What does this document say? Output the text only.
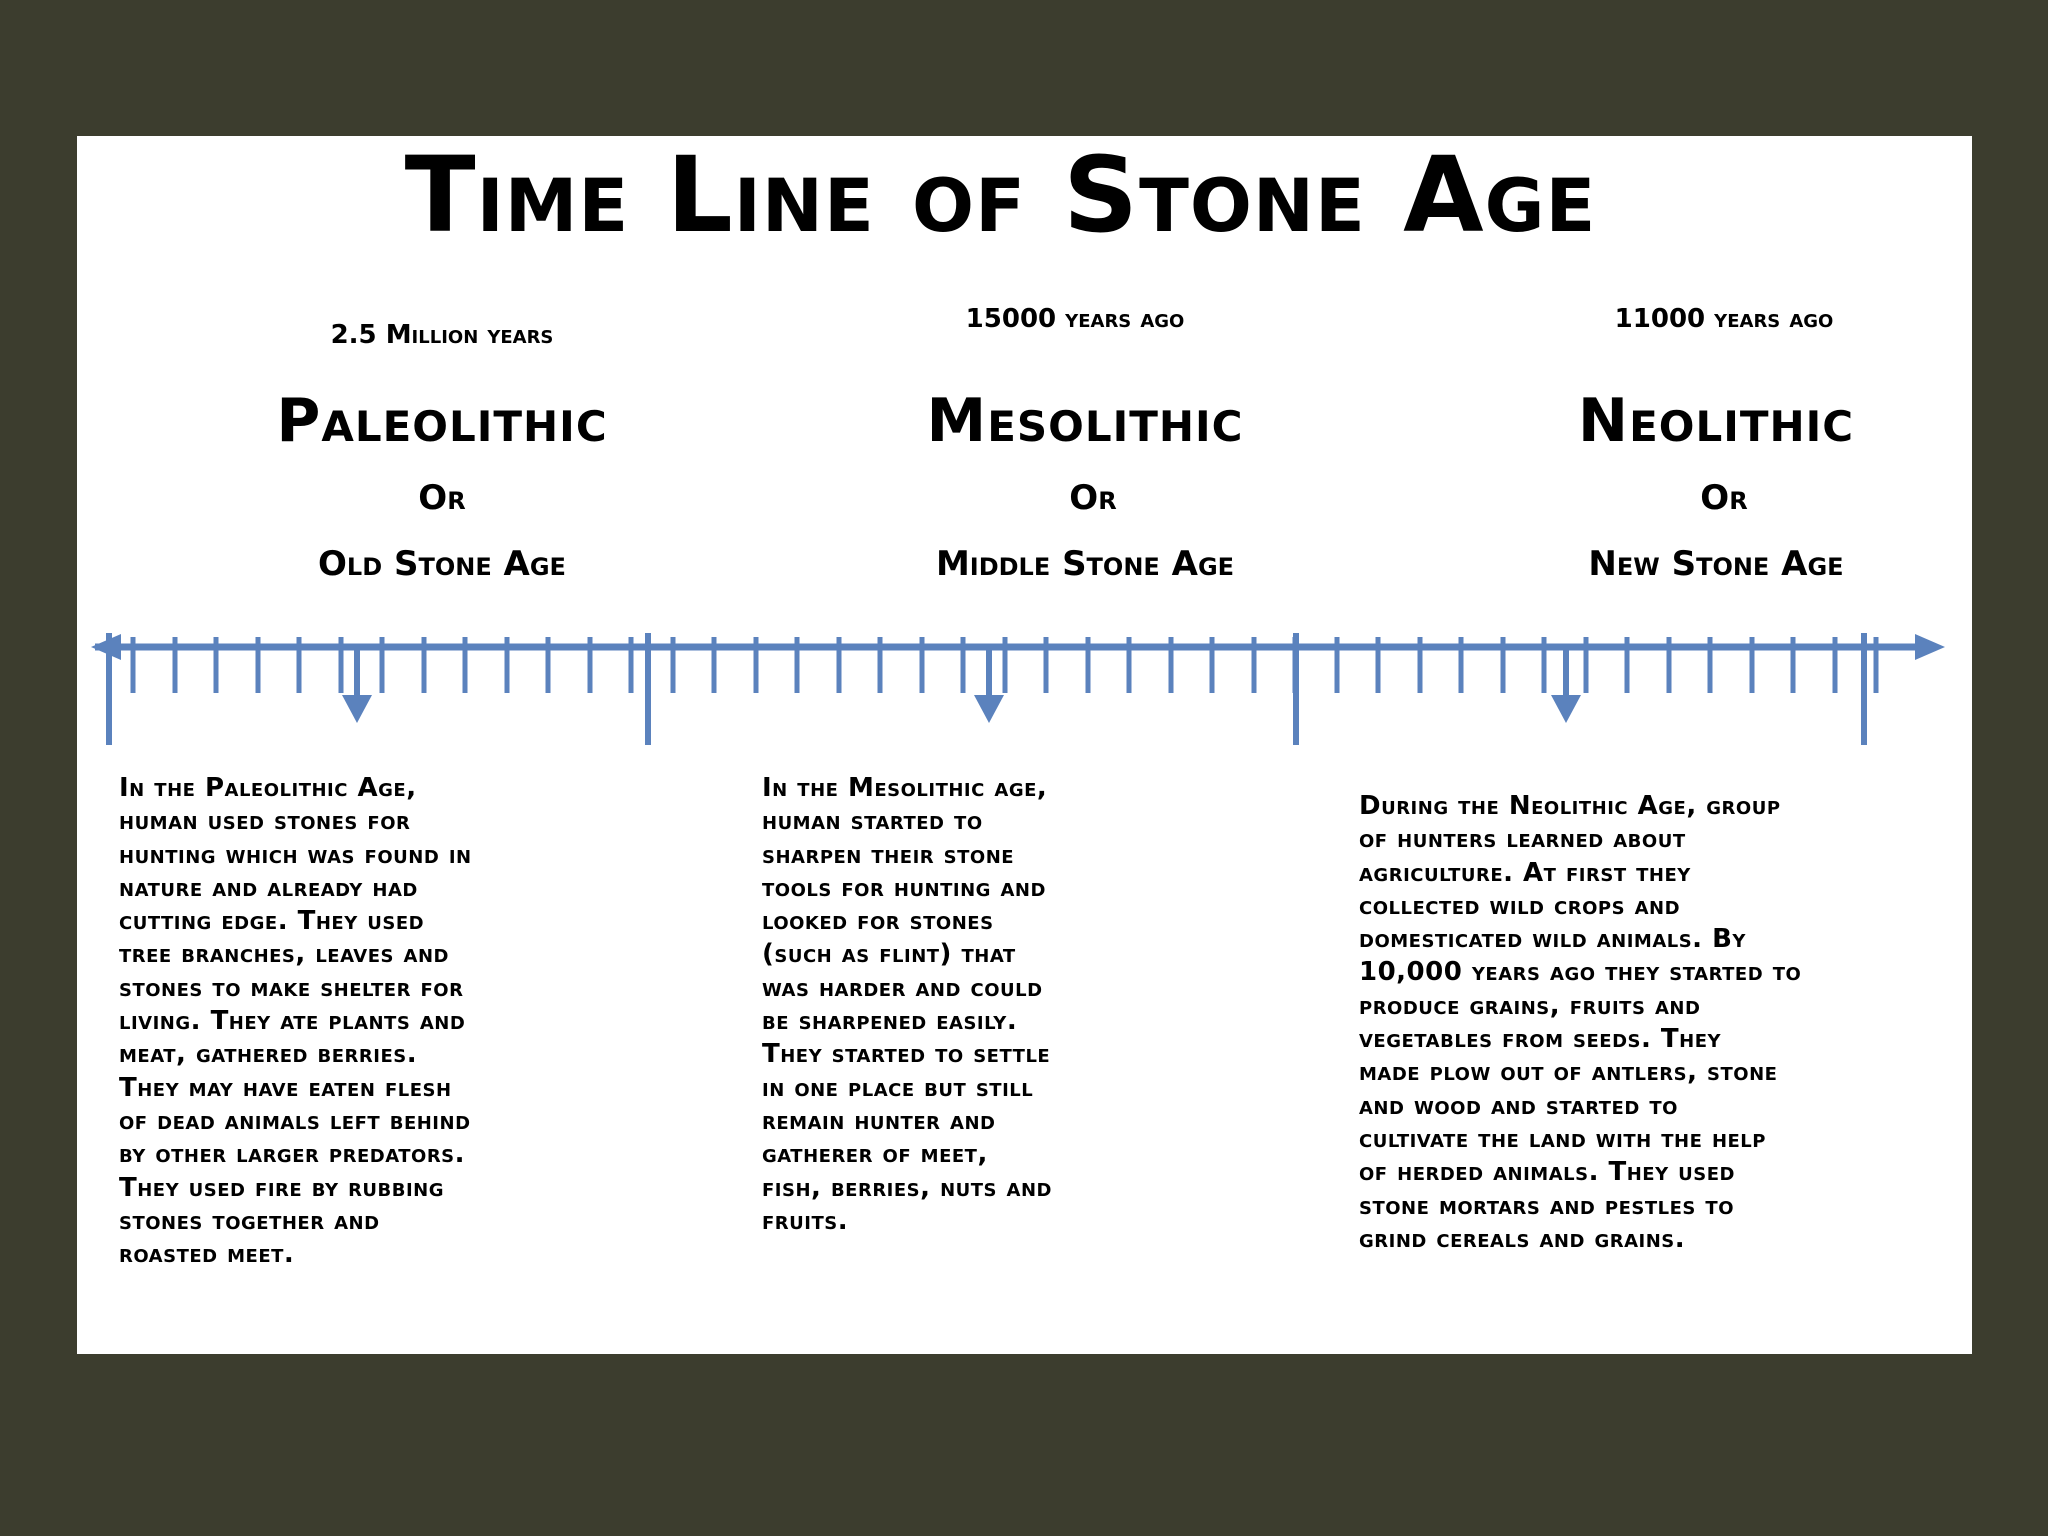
Time Line of Stone Age
2.5 Million years
Paleolithic
Or
Old Stone Age
15000 years ago
Mesolithic
Or
Middle Stone Age
11000 years ago
Neolithic
Or
New Stone Age
In the Paleolithic Age,
human used stones for
hunting which was found in
nature and already had
cutting edge. They used
tree branches, leaves and
stones to make shelter for
living. They ate plants and
meat, gathered berries.
They may have eaten flesh
of dead animals left behind
by other larger predators.
They used fire by rubbing
stones together and
roasted meet.
In the Mesolithic age,
human started to
sharpen their stone
tools for hunting and
looked for stones
(such as flint) that
was harder and could
be sharpened easily.
They started to settle
in one place but still
remain hunter and
gatherer of meet,
fish, berries, nuts and
fruits.
During the Neolithic Age, group
of hunters learned about
agriculture. At first they
collected wild crops and
domesticated wild animals. By
10,000 years ago they started to
produce grains, fruits and
vegetables from seeds. They
made plow out of antlers, stone
and wood and started to
cultivate the land with the help
of herded animals. They used
stone mortars and pestles to
grind cereals and grains.
